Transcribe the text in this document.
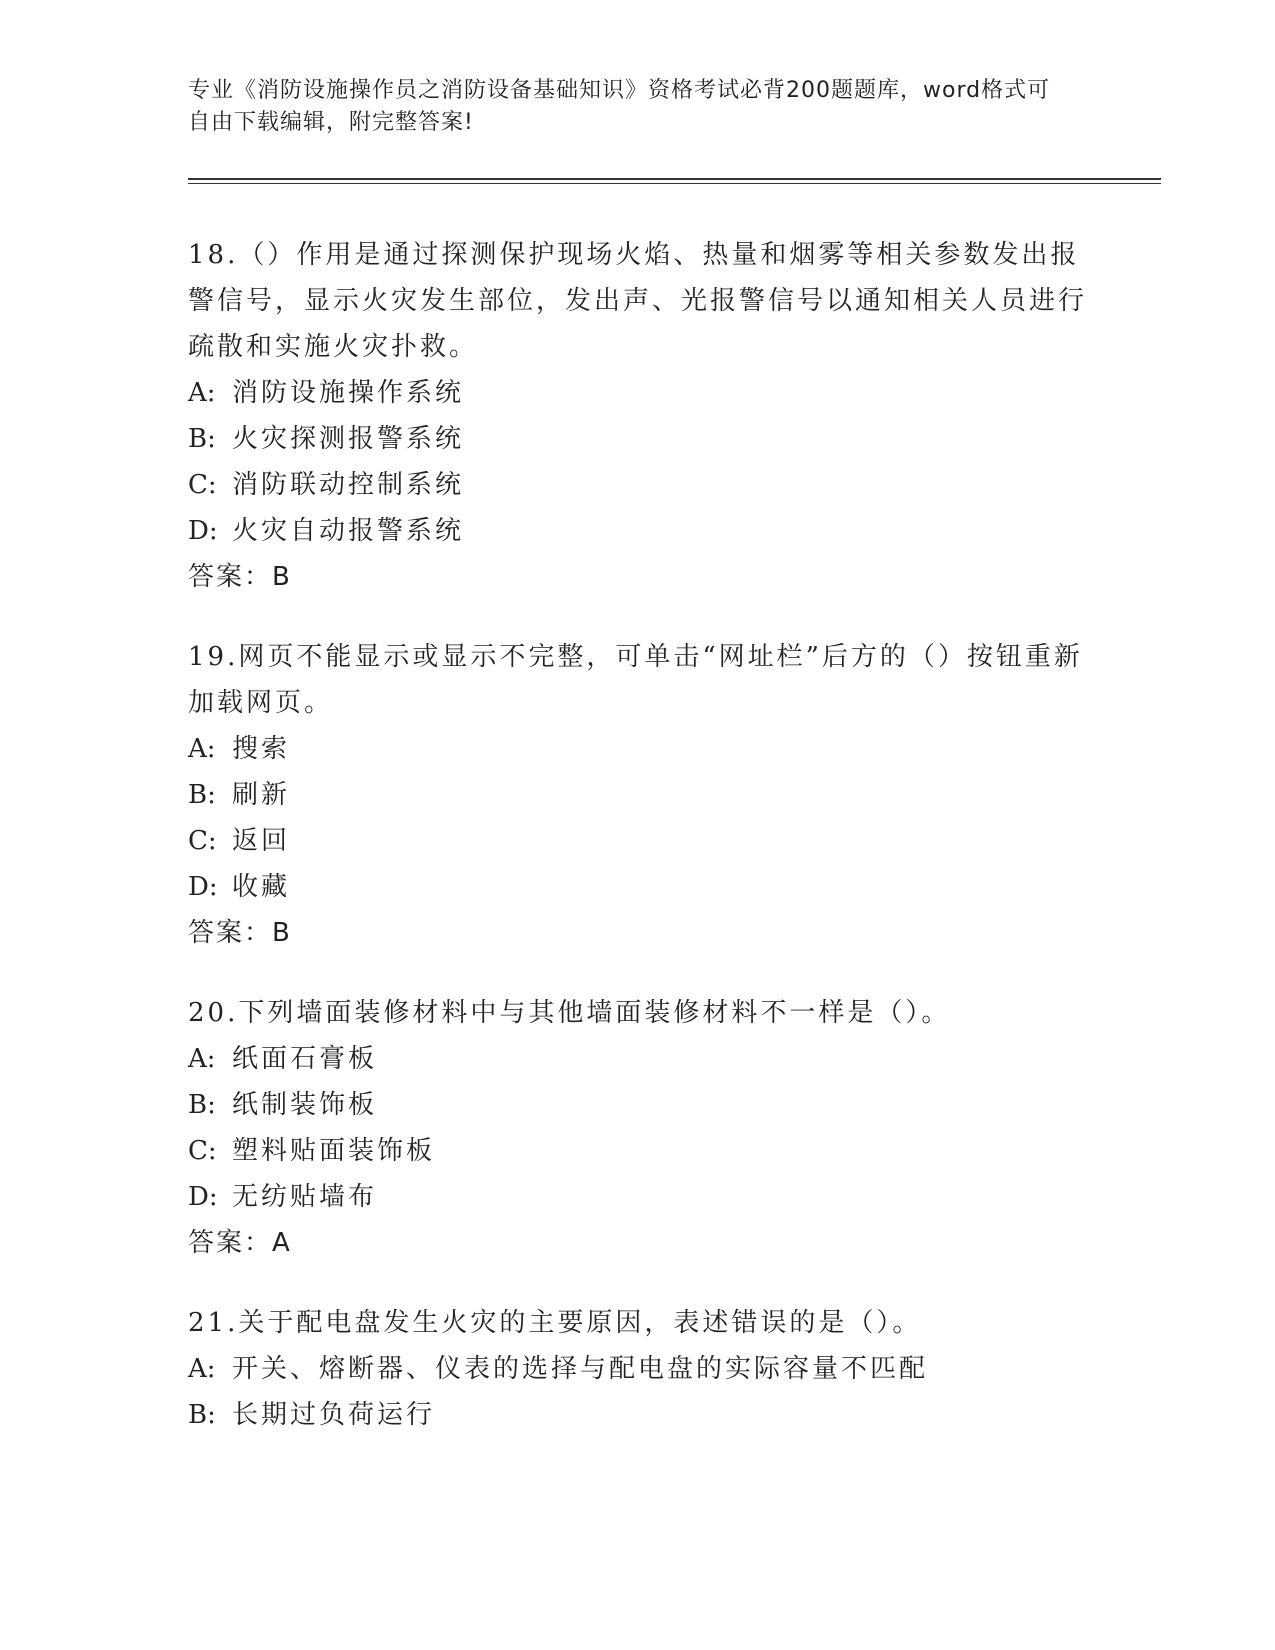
专业《消防设施操作员之消防设备基础知识》资格考试必背200题题库，word格式可自由下载编辑，附完整答案!

18.（）作用是通过探测保护现场火焰、热量和烟雾等相关参数发出报警信号，显示火灾发生部位，发出声、光报警信号以通知相关人员进行疏散和实施火灾扑救。

A: 消防设施操作系统

B: 火灾探测报警系统

C: 消防联动控制系统

D: 火灾自动报警系统

答案：B

19.网页不能显示或显示不完整，可单击“网址栏”后方的（）按钮重新加载网页。

A: 搜索

B: 刷新

C: 返回

D: 收藏

答案：B

20.下列墙面装修材料中与其他墙面装修材料不一样是（）。

A: 纸面石膏板

B: 纸制装饰板

C: 塑料贴面装饰板

D: 无纺贴墙布

答案：A

21.关于配电盘发生火灾的主要原因，表述错误的是（）。

A: 开关、熔断器、仪表的选择与配电盘的实际容量不匹配

B: 长期过负荷运行
